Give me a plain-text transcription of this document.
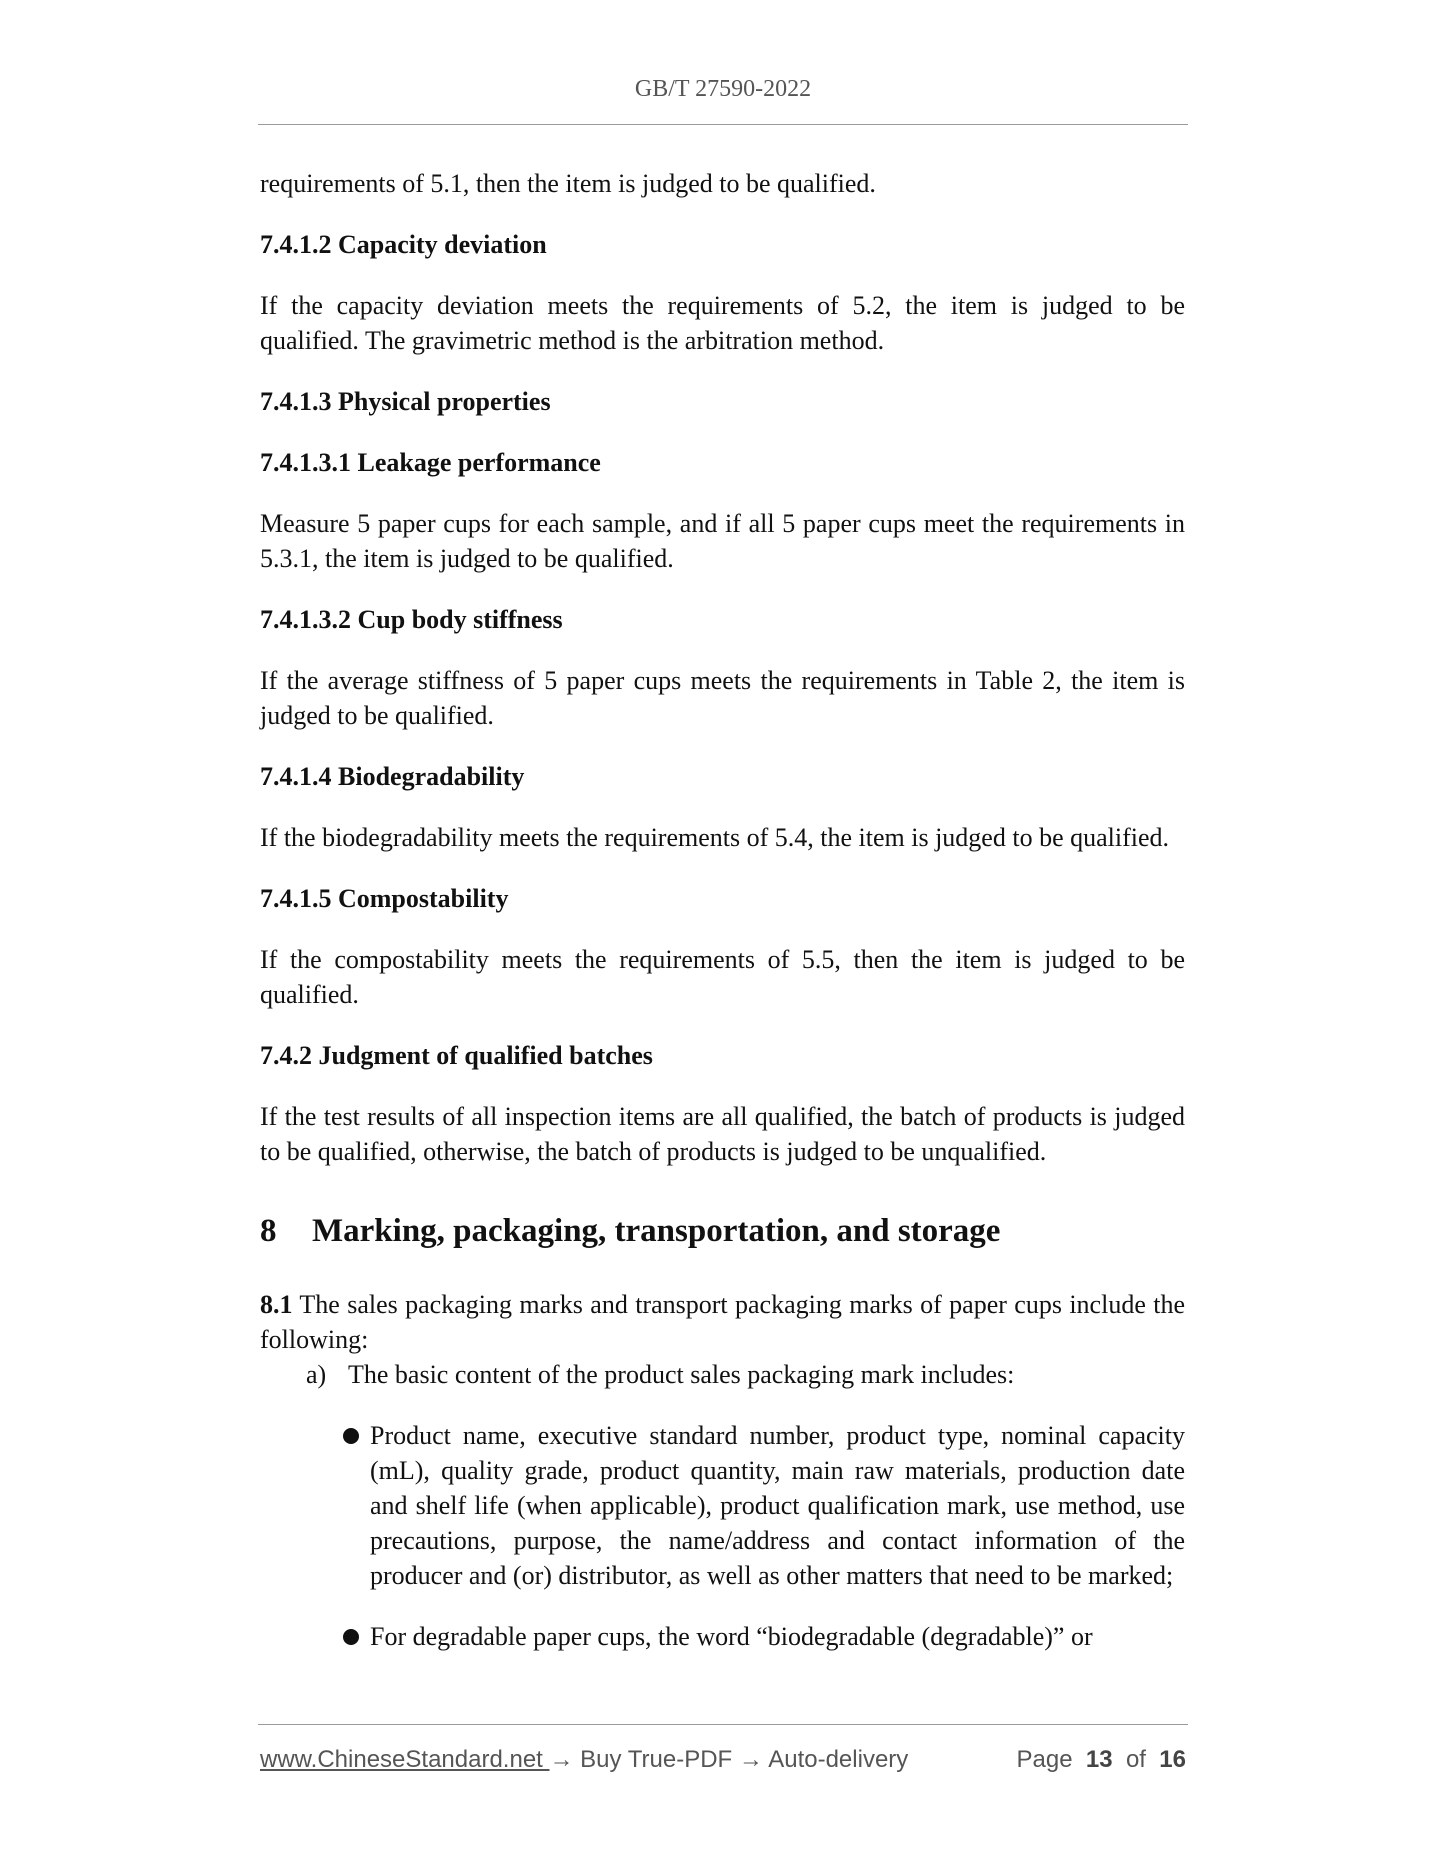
GB/T 27590-2022

requirements of 5.1, then the item is judged to be qualified.

7.4.1.2 Capacity deviation

If the capacity deviation meets the requirements of 5.2, the item is judged to be qualified. The gravimetric method is the arbitration method.

7.4.1.3 Physical properties

7.4.1.3.1 Leakage performance

Measure 5 paper cups for each sample, and if all 5 paper cups meet the requirements in 5.3.1, the item is judged to be qualified.

7.4.1.3.2 Cup body stiffness

If the average stiffness of 5 paper cups meets the requirements in Table 2, the item is judged to be qualified.

7.4.1.4 Biodegradability

If the biodegradability meets the requirements of 5.4, the item is judged to be qualified.

7.4.1.5 Compostability

If the compostability meets the requirements of 5.5, then the item is judged to be qualified.

7.4.2 Judgment of qualified batches

If the test results of all inspection items are all qualified, the batch of products is judged to be qualified, otherwise, the batch of products is judged to be unqualified.

8 Marking, packaging, transportation, and storage

8.1 The sales packaging marks and transport packaging marks of paper cups include the following:

a) The basic content of the product sales packaging mark includes:

Product name, executive standard number, product type, nominal capacity (mL), quality grade, product quantity, main raw materials, production date and shelf life (when applicable), product qualification mark, use method, use precautions, purpose, the name/address and contact information of the producer and (or) distributor, as well as other matters that need to be marked;

For degradable paper cups, the word “biodegradable (degradable)” or

www.ChineseStandard.net → Buy True-PDF → Auto-delivery	Page 13 of 16
